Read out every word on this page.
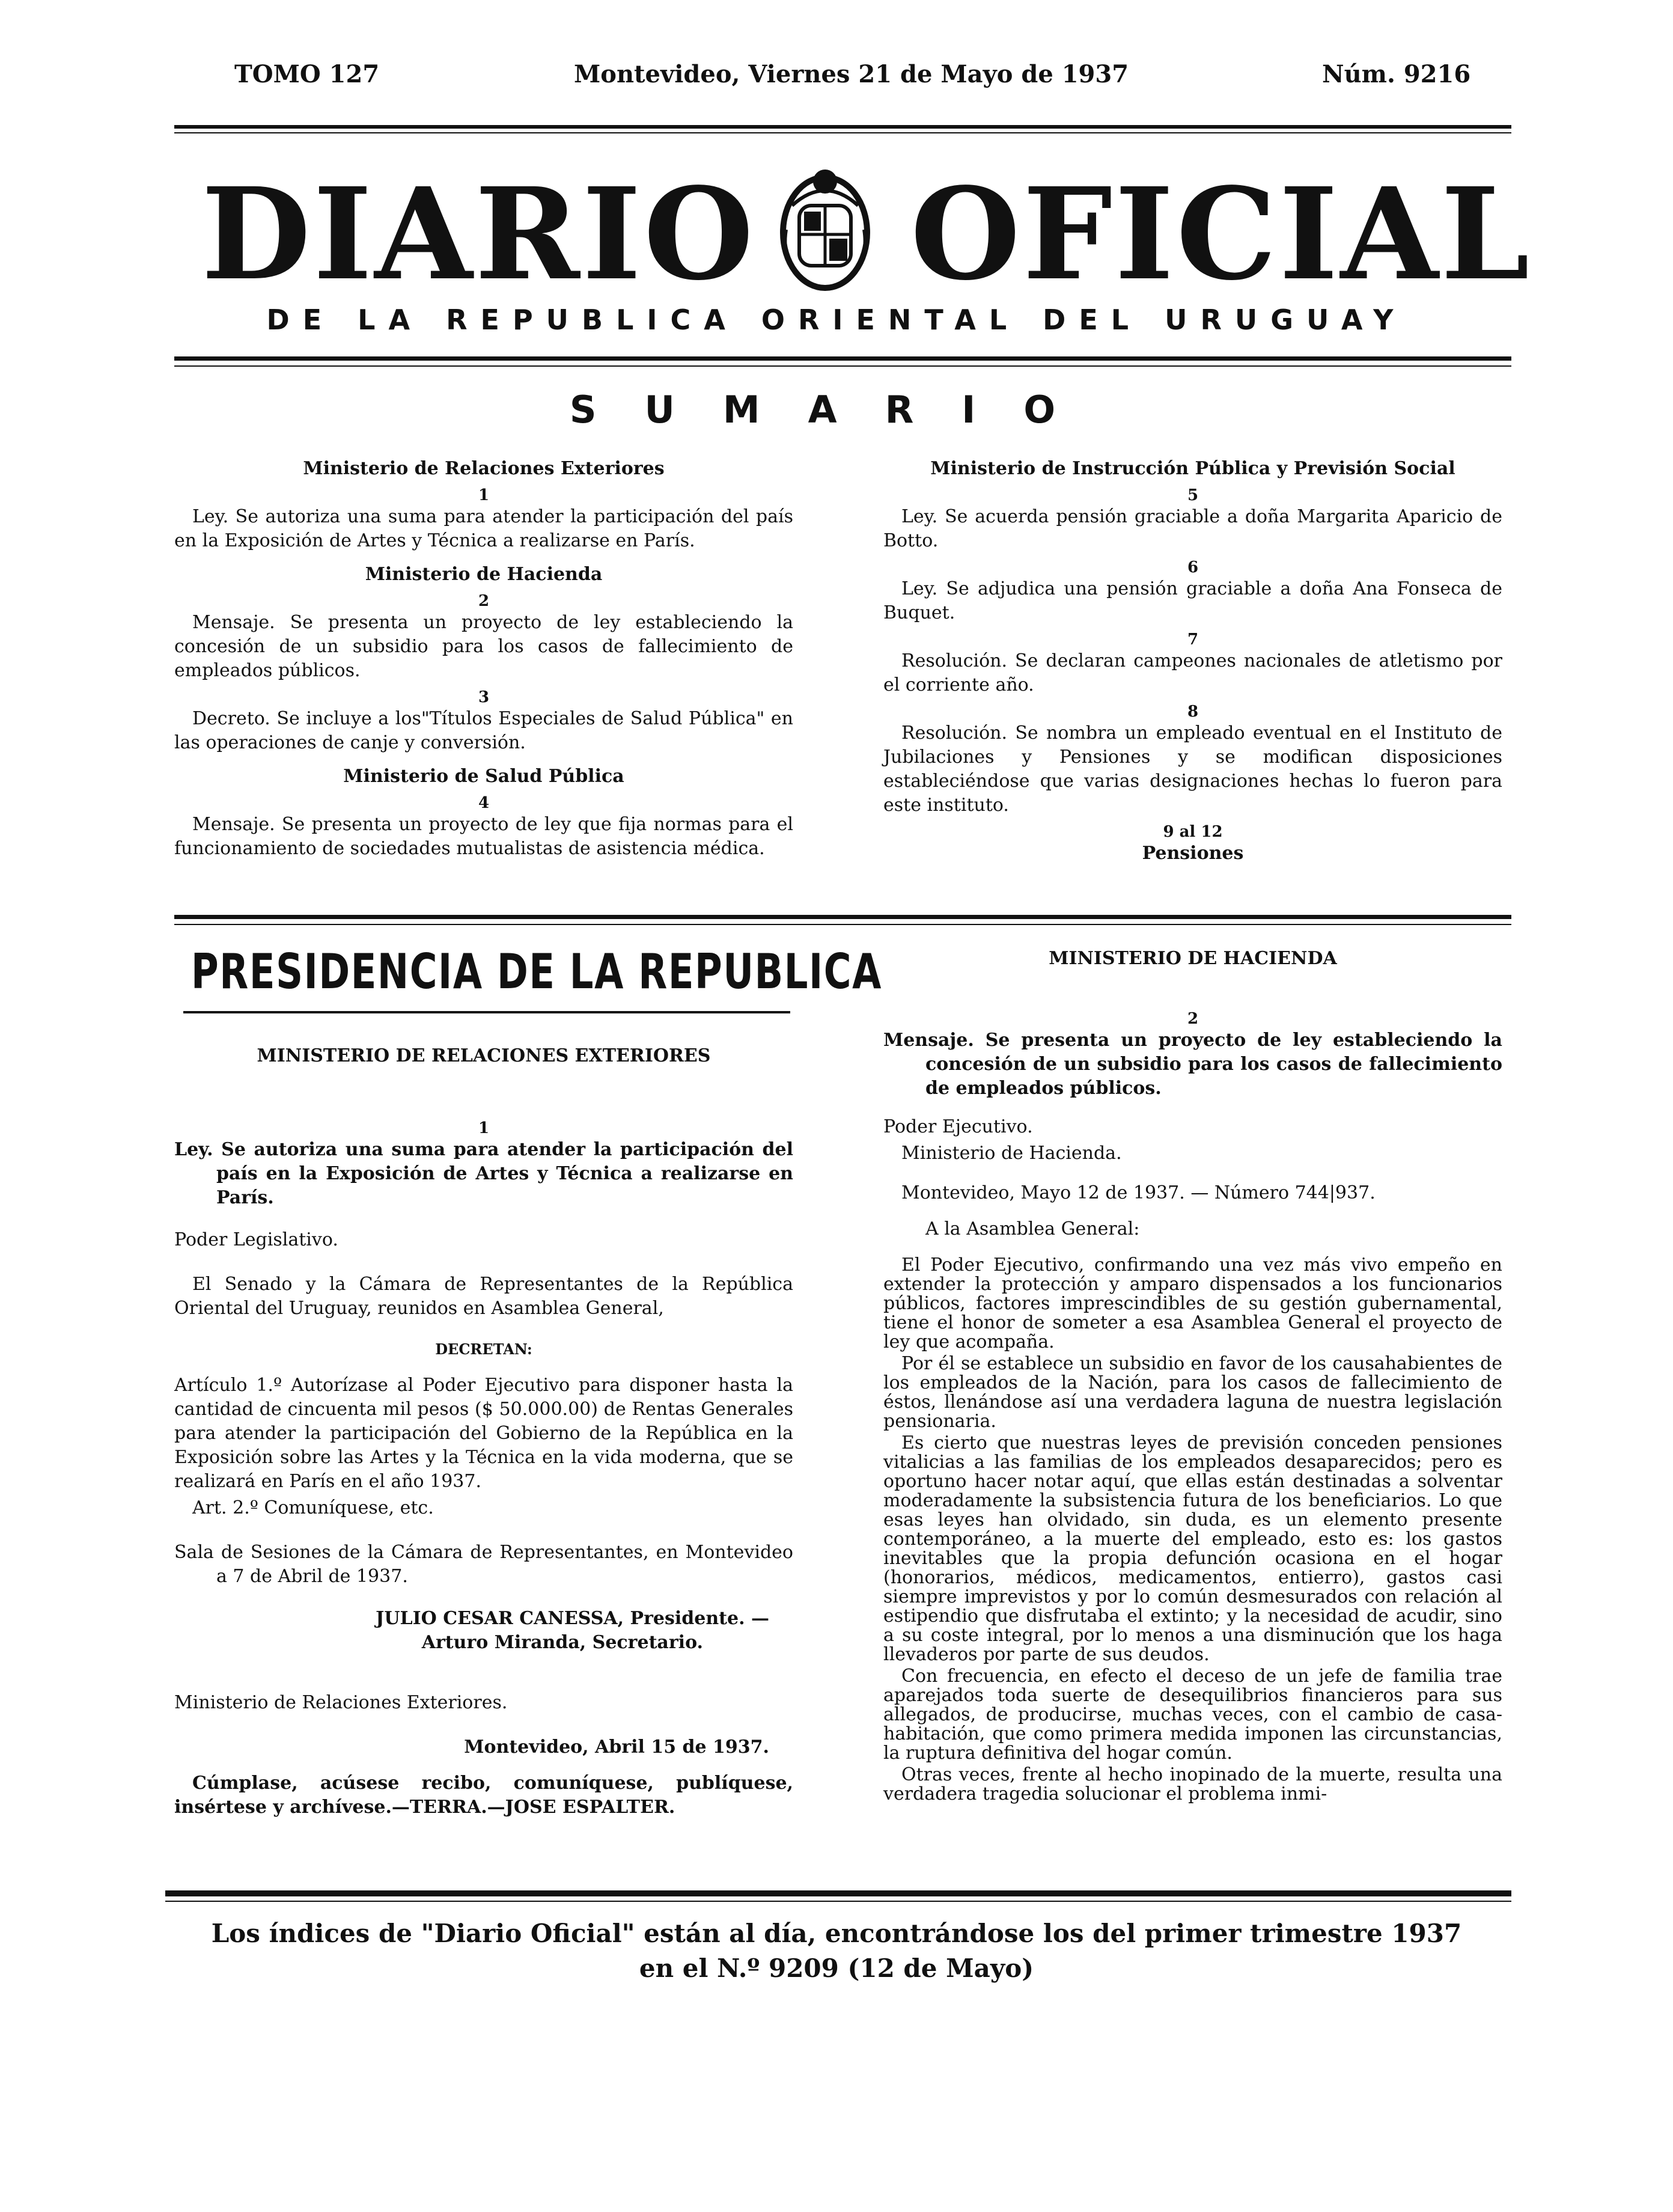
TOMO 127	Montevideo, Viernes 21 de Mayo de 1937	Núm. 9216
DIARIO OFICIAL
DE LA REPUBLICA ORIENTAL DEL URUGUAY
SUMARIO
Ministerio de Relaciones Exteriores
1
Ley. Se autoriza una suma para atender la participación del país en la Exposición de Artes y Técnica a realizarse en París.
Ministerio de Hacienda
2
Mensaje. Se presenta un proyecto de ley estableciendo la concesión de un subsidio para los casos de fallecimiento de empleados públicos.
3
Decreto. Se incluye a los"Títulos Especiales de Salud Pública" en las operaciones de canje y conversión.
Ministerio de Salud Pública
4
Mensaje. Se presenta un proyecto de ley que fija normas para el funcionamiento de sociedades mutualistas de asistencia médica.
Ministerio de Instrucción Pública y Previsión Social
5
Ley. Se acuerda pensión graciable a doña Margarita Aparicio de Botto.
6
Ley. Se adjudica una pensión graciable a doña Ana Fonseca de Buquet.
7
Resolución. Se declaran campeones nacionales de atletismo por el corriente año.
8
Resolución. Se nombra un empleado eventual en el Instituto de Jubilaciones y Pensiones y se modifican disposiciones estableciéndose que varias designaciones hechas lo fueron para este instituto.
9 al 12
Pensiones
PRESIDENCIA DE LA REPUBLICA
MINISTERIO DE RELACIONES EXTERIORES
1
Ley. Se autoriza una suma para atender la participación del país en la Exposición de Artes y Técnica a realizarse en París.
Poder Legislativo.
El Senado y la Cámara de Representantes de la República Oriental del Uruguay, reunidos en Asamblea General,
DECRETAN:
Artículo 1.º Autorízase al Poder Ejecutivo para disponer hasta la cantidad de cincuenta mil pesos ($ 50.000.00) de Rentas Generales para atender la participación del Gobierno de la República en la Exposición sobre las Artes y la Técnica en la vida moderna, que se realizará en París en el año 1937.
Art. 2.º Comuníquese, etc.
Sala de Sesiones de la Cámara de Representantes, en Montevideo a 7 de Abril de 1937.
JULIO CESAR CANESSA, Presidente. —
Arturo Miranda, Secretario.
Ministerio de Relaciones Exteriores.
Montevideo, Abril 15 de 1937.
Cúmplase, acúsese recibo, comuníquese, publíquese, insértese y archívese.—TERRA.—JOSE ESPALTER.
MINISTERIO DE HACIENDA
2
Mensaje. Se presenta un proyecto de ley estableciendo la concesión de un subsidio para los casos de fallecimiento de empleados públicos.
Poder Ejecutivo.
Ministerio de Hacienda.
Montevideo, Mayo 12 de 1937. — Número 744|937.
A la Asamblea General:
El Poder Ejecutivo, confirmando una vez más vivo empeño en extender la protección y amparo dispensados a los funcionarios públicos, factores imprescindibles de su gestión gubernamental, tiene el honor de someter a esa Asamblea General el proyecto de ley que acompaña.
Por él se establece un subsidio en favor de los causahabientes de los empleados de la Nación, para los casos de fallecimiento de éstos, llenándose así una verdadera laguna de nuestra legislación pensionaria.
Es cierto que nuestras leyes de previsión conceden pensiones vitalicias a las familias de los empleados desaparecidos; pero es oportuno hacer notar aquí, que ellas están destinadas a solventar moderadamente la subsistencia futura de los beneficiarios. Lo que esas leyes han olvidado, sin duda, es un elemento presente contemporáneo, a la muerte del empleado, esto es: los gastos inevitables que la propia defunción ocasiona en el hogar (honorarios, médicos, medicamentos, entierro), gastos casi siempre imprevistos y por lo común desmesurados con relación al estipendio que disfrutaba el extinto; y la necesidad de acudir, sino a su coste integral, por lo menos a una disminución que los haga llevaderos por parte de sus deudos.
Con frecuencia, en efecto el deceso de un jefe de familia trae aparejados toda suerte de desequilibrios financieros para sus allegados, de producirse, muchas veces, con el cambio de casa-habitación, que como primera medida imponen las circunstancias, la ruptura definitiva del hogar común.
Otras veces, frente al hecho inopinado de la muerte, resulta una verdadera tragedia solucionar el problema inmi-
Los índices de "Diario Oficial" están al día, encontrándose los del primer trimestre 1937
en el N.º 9209 (12 de Mayo)
